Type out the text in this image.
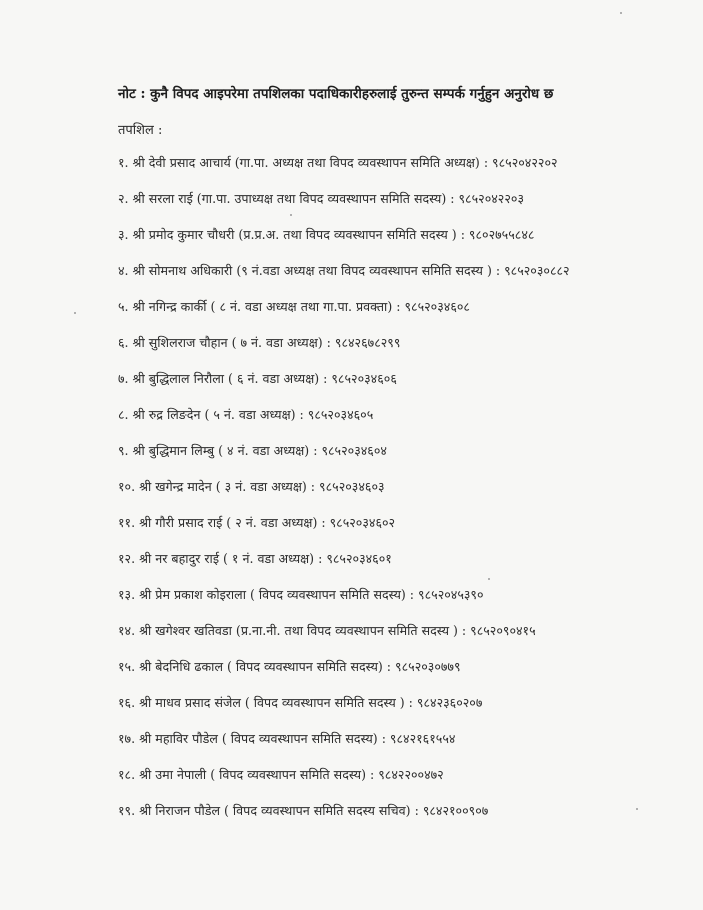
नोट : कुनै विपद आइपरेमा तपशिलका पदाधिकारीहरुलाई तुरुन्त सम्पर्क गर्नुहुन अनुरोध छ
तपशिल :
१. श्री देवी प्रसाद आचार्य (गा.पा. अध्यक्ष तथा विपद व्यवस्थापन समिति अध्यक्ष) : ९८५२०४२२०२
२. श्री सरला राई (गा.पा. उपाध्यक्ष तथा विपद व्यवस्थापन समिति सदस्य) : ९८५२०४२२०३
३. श्री प्रमोद कुमार चौधरी (प्र.प्र.अ. तथा विपद व्यवस्थापन समिति सदस्य ) : ९८०२७५५८४८
४. श्री सोमनाथ अधिकारी (९ नं.वडा अध्यक्ष तथा विपद व्यवस्थापन समिति सदस्य ) : ९८५२०३०८८२
५. श्री नगिन्द्र कार्की ( ८ नं. वडा अध्यक्ष तथा गा.पा. प्रवक्ता) : ९८५२०३४६०८
६. श्री सुशिलराज चौहान ( ७ नं. वडा अध्यक्ष) : ९८४२६७८२९९
७. श्री बुद्धिलाल निरौला ( ६ नं. वडा अध्यक्ष) : ९८५२०३४६०६
८. श्री रुद्र लिङदेन ( ५ नं. वडा अध्यक्ष) : ९८५२०३४६०५
९. श्री बुद्धिमान लिम्बु ( ४ नं. वडा अध्यक्ष) : ९८५२०३४६०४
१०. श्री खगेन्द्र मादेन ( ३ नं. वडा अध्यक्ष) : ९८५२०३४६०३
११. श्री गौरी प्रसाद राई ( २ नं. वडा अध्यक्ष) : ९८५२०३४६०२
१२. श्री नर बहादुर राई ( १ नं. वडा अध्यक्ष) : ९८५२०३४६०१
१३. श्री प्रेम प्रकाश कोइराला ( विपद व्यवस्थापन समिति सदस्य) : ९८५२०४५३९०
१४. श्री खगेश्वर खतिवडा (प्र.ना.नी. तथा विपद व्यवस्थापन समिति सदस्य ) : ९८५२०९०४१५
१५. श्री बेदनिधि ढकाल ( विपद व्यवस्थापन समिति सदस्य) : ९८५२०३०७७९
१६. श्री माधव प्रसाद संजेल ( विपद व्यवस्थापन समिति सदस्य ) : ९८४२३६०२०७
१७. श्री महाविर पौडेल ( विपद व्यवस्थापन समिति सदस्य) : ९८४२१६१५५४
१८. श्री उमा नेपाली ( विपद व्यवस्थापन समिति सदस्य) : ९८४२२००४७२
१९. श्री निराजन पौडेल ( विपद व्यवस्थापन समिति सदस्य सचिव) : ९८४२१००९०७
